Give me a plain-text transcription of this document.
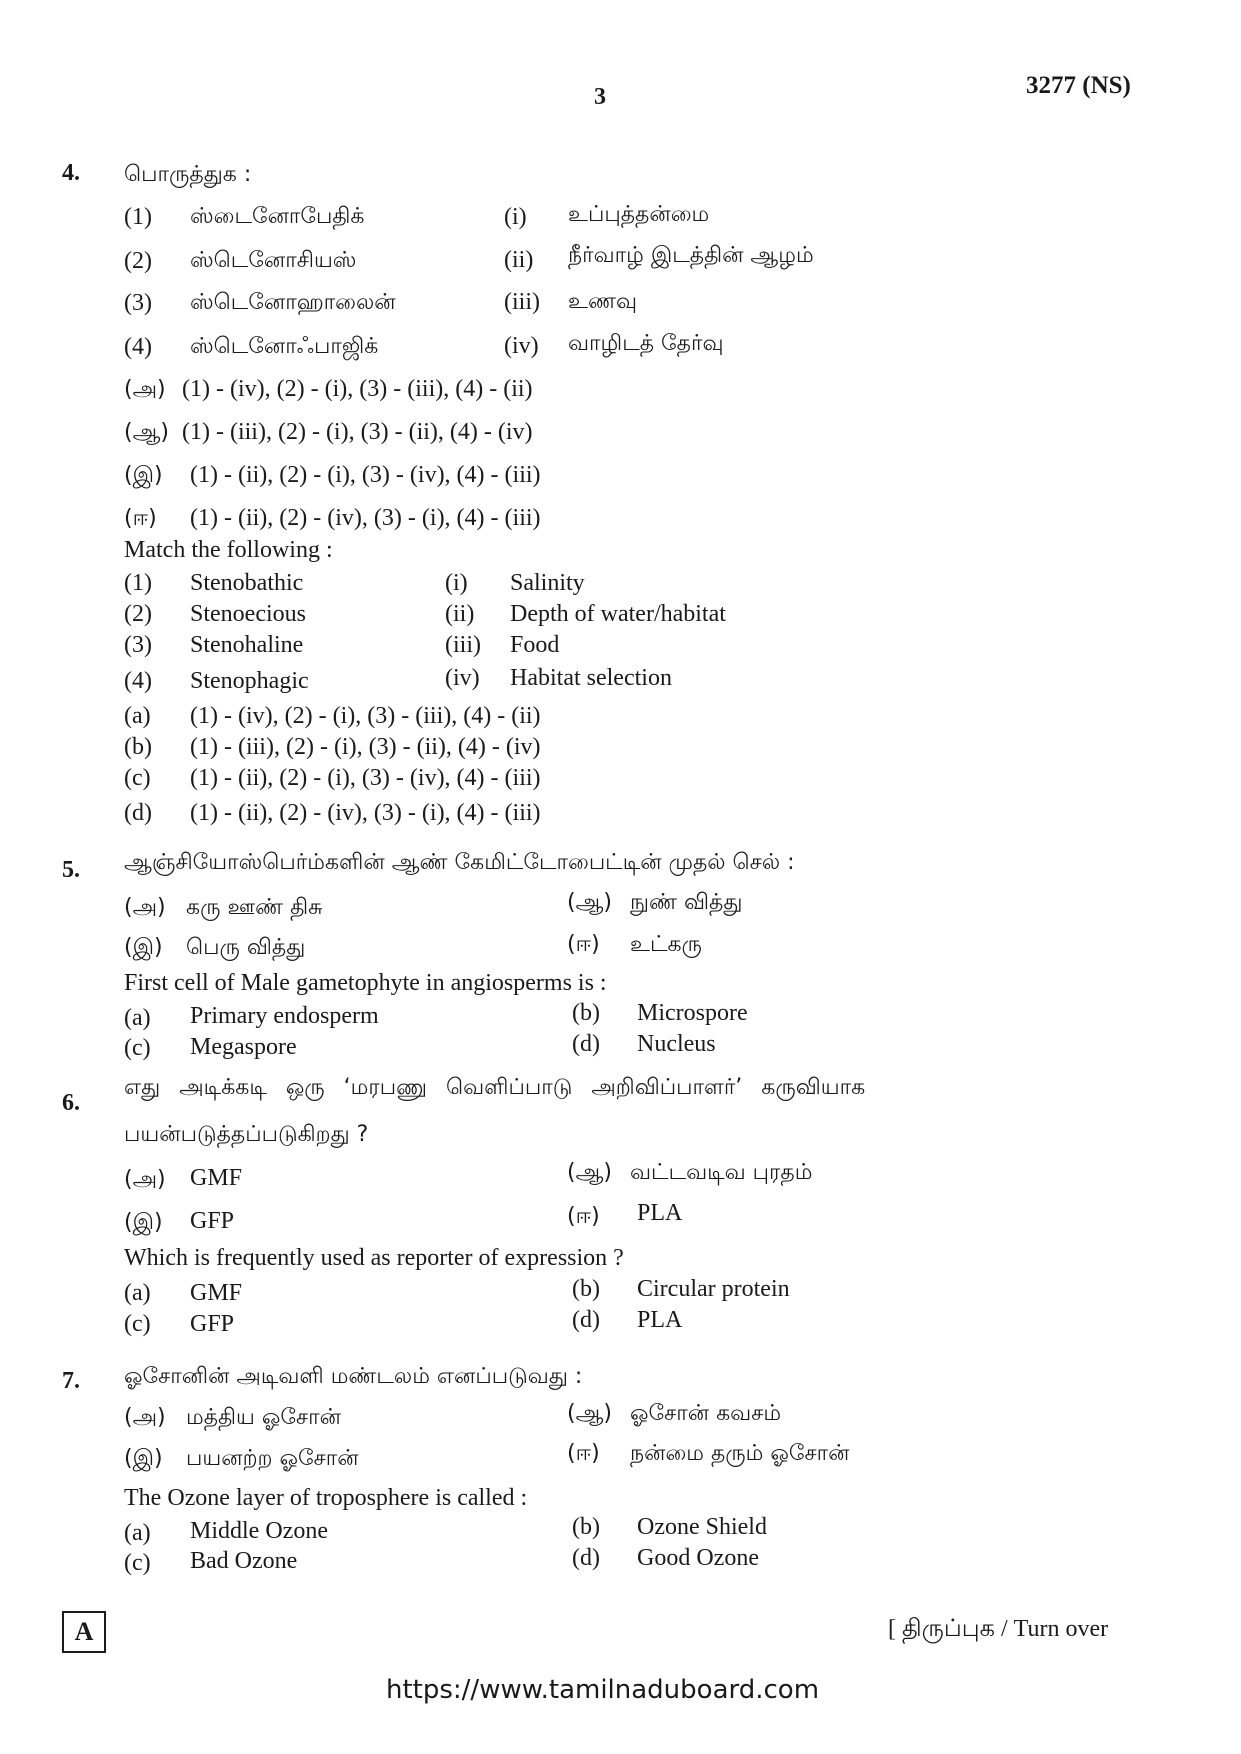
3	3277 (NS)
4. பொருத்துக :
(1) ஸ்டைனோபேதிக்	(i) உப்புத்தன்மை
(2) ஸ்டெனோசியஸ்	(ii) நீர்வாழ் இடத்தின் ஆழம்
(3) ஸ்டெனோஹாலைன்	(iii) உணவு
(4) ஸ்டெனோஃபாஜிக்	(iv) வாழிடத் தேர்வு
(அ) (1) - (iv), (2) - (i), (3) - (iii), (4) - (ii)
(ஆ) (1) - (iii), (2) - (i), (3) - (ii), (4) - (iv)
(இ) (1) - (ii), (2) - (i), (3) - (iv), (4) - (iii)
(ஈ) (1) - (ii), (2) - (iv), (3) - (i), (4) - (iii)
Match the following :
(1) Stenobathic	(i) Salinity
(2) Stenoecious	(ii) Depth of water/habitat
(3) Stenohaline	(iii) Food
(4) Stenophagic	(iv) Habitat selection
(a) (1) - (iv), (2) - (i), (3) - (iii), (4) - (ii)
(b) (1) - (iii), (2) - (i), (3) - (ii), (4) - (iv)
(c) (1) - (ii), (2) - (i), (3) - (iv), (4) - (iii)
(d) (1) - (ii), (2) - (iv), (3) - (i), (4) - (iii)
5. ஆஞ்சியோஸ்பெர்ம்களின் ஆண் கேமிட்டோபைட்டின் முதல் செல் :
(அ) கரு ஊண் திசு	(ஆ) நுண் வித்து
(இ) பெரு வித்து	(ஈ) உட்கரு
First cell of Male gametophyte in angiosperms is :
(a) Primary endosperm	(b) Microspore
(c) Megaspore	(d) Nucleus
6.
எது அடிக்கடி ஒரு ‘மரபணு வெளிப்பாடு அறிவிப்பாளர்’ கருவியாக
பயன்படுத்தப்படுகிறது ?
(அ) GMF	(ஆ) வட்டவடிவ புரதம்
(இ) GFP	(ஈ) PLA
Which is frequently used as reporter of expression ?
(a) GMF	(b) Circular protein
(c) GFP	(d) PLA
7. ஓசோனின் அடிவளி மண்டலம் எனப்படுவது :
(அ) மத்திய ஓசோன்	(ஆ) ஓசோன் கவசம்
(இ) பயனற்ற ஓசோன்	(ஈ) நன்மை தரும் ஓசோன்
The Ozone layer of troposphere is called :
(a) Middle Ozone	(b) Ozone Shield
(c) Bad Ozone	(d) Good Ozone
A	[ திருப்புக / Turn over
https://www.tamilnaduboard.com
